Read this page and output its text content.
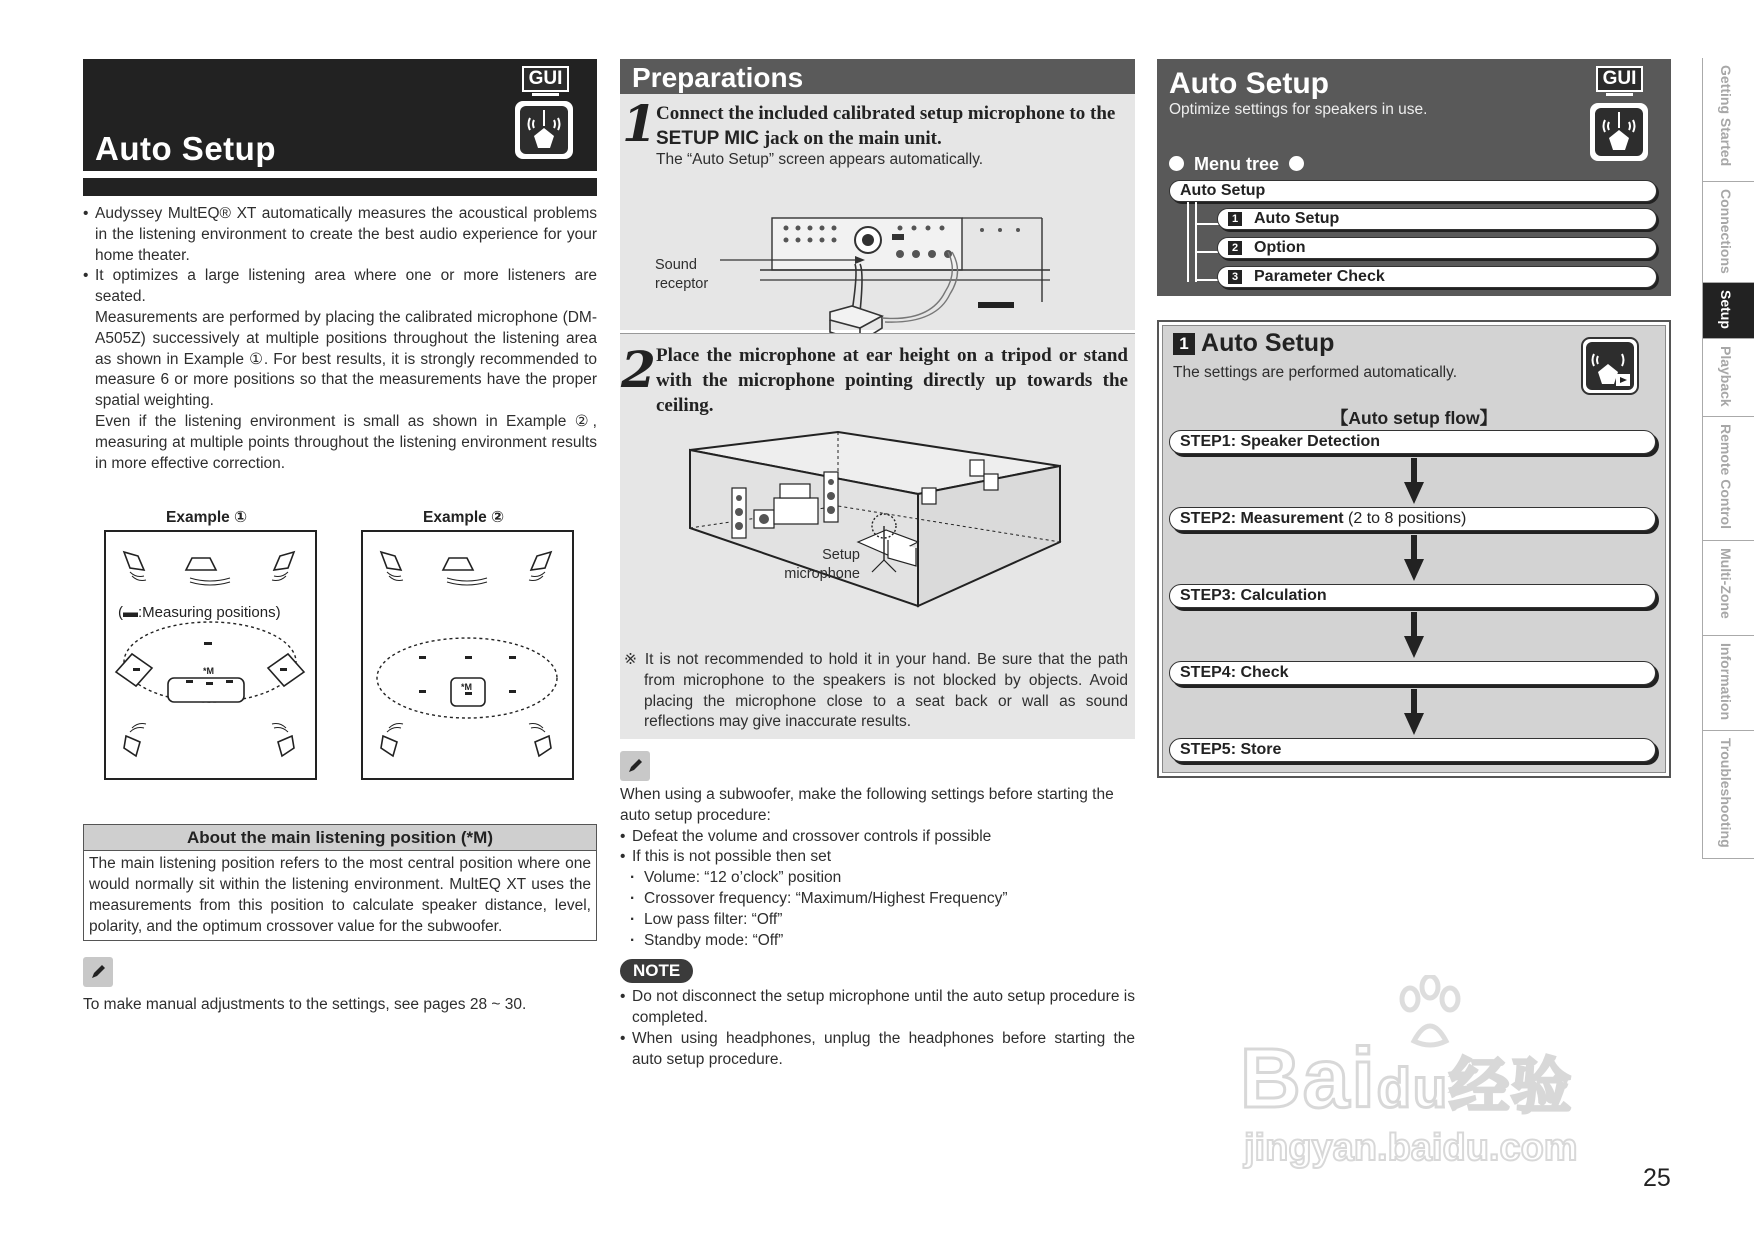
GUI
Auto Setup
• Audyssey MultEQ® XT automatically measures the acoustical problems in the listening environment to create the best audio experience for your home theater.
• It optimizes a large listening area where one or more listeners are seated.
Measurements are performed by placing the calibrated microphone (DM-A505Z) successively at multiple positions throughout the listening area as shown in Example ①. For best results, it is strongly recommended to measure 6 or more positions so that the measurements have the proper spatial weighting.
Even if the listening environment is small as shown in Example ②, measuring at multiple points throughout the listening environment results in more effective correction.
Example ①	Example ②
(▬:Measuring positions)
*M
*M
About the main listening position (*M)
The main listening position refers to the most central position where one would normally sit within the listening environment. MultEQ XT uses the measurements from this position to calculate speaker distance, level, polarity, and the optimum crossover value for the subwoofer.
To make manual adjustments to the settings, see pages 28 ~ 30.
Preparations
1 Connect the included calibrated setup microphone to the SETUP MIC jack on the main unit.
The “Auto Setup” screen appears automatically.
Sound receptor
2 Place the microphone at ear height on a tripod or stand with the microphone pointing directly up towards the ceiling.
Setup microphone
※ It is not recommended to hold it in your hand. Be sure that the path from microphone to the speakers is not blocked by objects. Avoid placing the microphone close to a seat back or wall as sound reflections may give inaccurate results.
When using a subwoofer, make the following settings before starting the auto setup procedure:
• Defeat the volume and crossover controls if possible
• If this is not possible then set
· Volume: “12 o’clock” position
· Crossover frequency: “Maximum/Highest Frequency”
· Low pass filter: “Off”
· Standby mode: “Off”
NOTE
• Do not disconnect the setup microphone until the auto setup procedure is completed.
• When using headphones, unplug the headphones before starting the auto setup procedure.
Auto Setup
Optimize settings for speakers in use.
GUI
Menu tree
Auto Setup
1 Auto Setup
2 Option
3 Parameter Check
1 Auto Setup
The settings are performed automatically.
【Auto setup flow】
STEP1: Speaker Detection
STEP2: Measurement (2 to 8 positions)
STEP3: Calculation
STEP4: Check
STEP5: Store
Getting Started
Connections
Setup
Playback
Remote Control
Multi-Zone
Information
Troubleshooting
Baidu经验
jingyan.baidu.com
25
